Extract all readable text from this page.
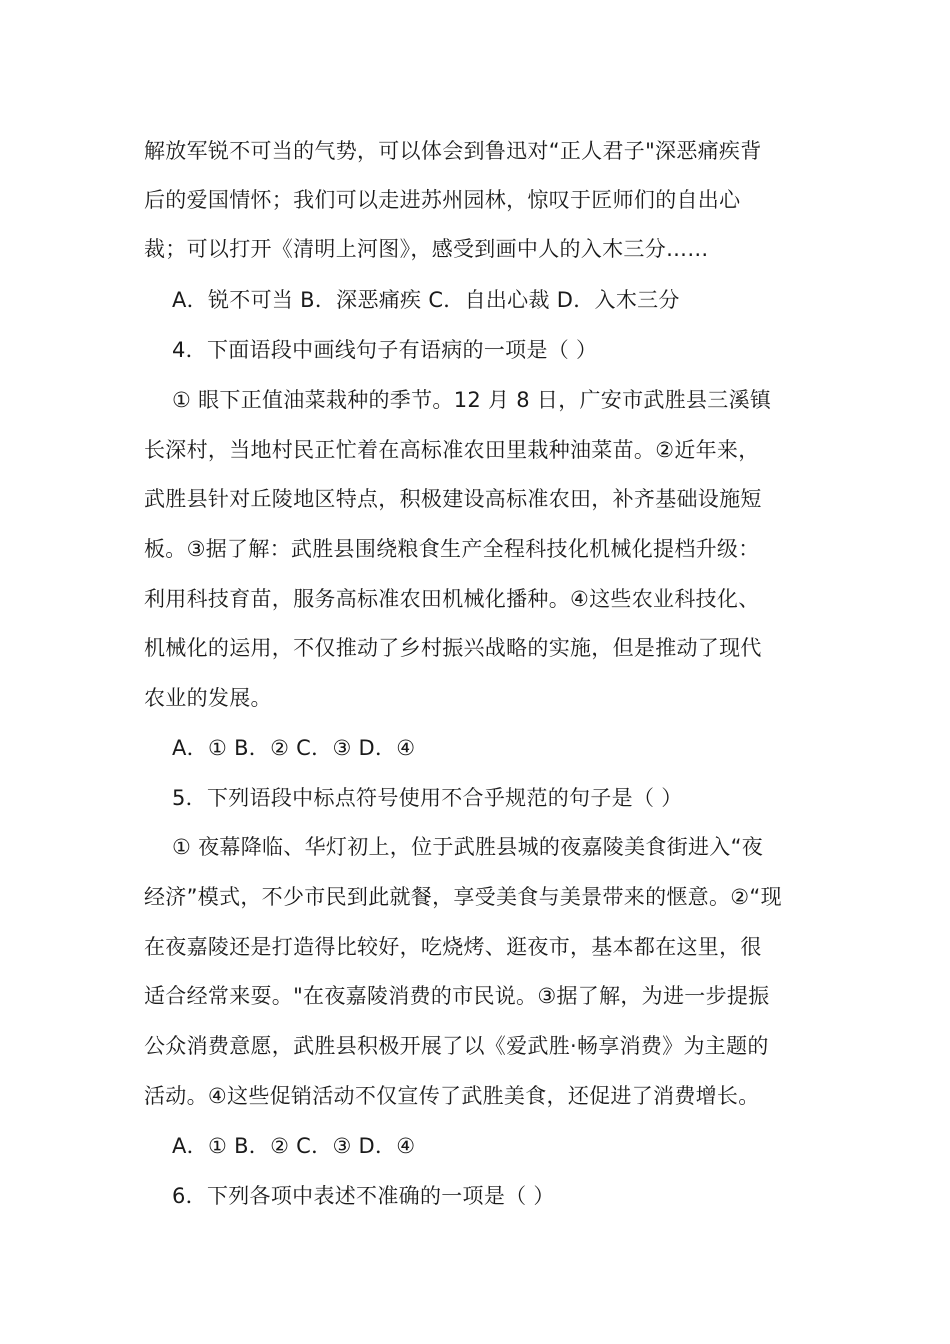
解放军锐不可当的气势，可以体会到鲁迅对“正人君子"深恶痛疾背
后的爱国情怀；我们可以走进苏州园林，惊叹于匠师们的自出心
裁；可以打开《清明上河图》，感受到画中人的入木三分……
A．锐不可当 B．深恶痛疾 C．自出心裁 D．入木三分
4．下面语段中画线句子有语病的一项是（ ）
① 眼下正值油菜栽种的季节。12 月 8 日，广安市武胜县三溪镇
长深村，当地村民正忙着在高标准农田里栽种油菜苗。②近年来，
武胜县针对丘陵地区特点，积极建设高标准农田，补齐基础设施短
板。③据了解：武胜县围绕粮食生产全程科技化机械化提档升级：
利用科技育苗，服务高标准农田机械化播种。④这些农业科技化、
机械化的运用，不仅推动了乡村振兴战略的实施，但是推动了现代
农业的发展。
A．① B．② C．③ D．④
5．下列语段中标点符号使用不合乎规范的句子是（ ）
① 夜幕降临、华灯初上，位于武胜县城的夜嘉陵美食街进入“夜
经济”模式，不少市民到此就餐，享受美食与美景带来的惬意。②“现
在夜嘉陵还是打造得比较好，吃烧烤、逛夜市，基本都在这里，很
适合经常来耍。"在夜嘉陵消费的市民说。③据了解，为进一步提振
公众消费意愿，武胜县积极开展了以《爱武胜·畅享消费》为主题的
活动。④这些促销活动不仅宣传了武胜美食，还促进了消费增长。
A．① B．② C．③ D．④
6．下列各项中表述不准确的一项是（ ）
